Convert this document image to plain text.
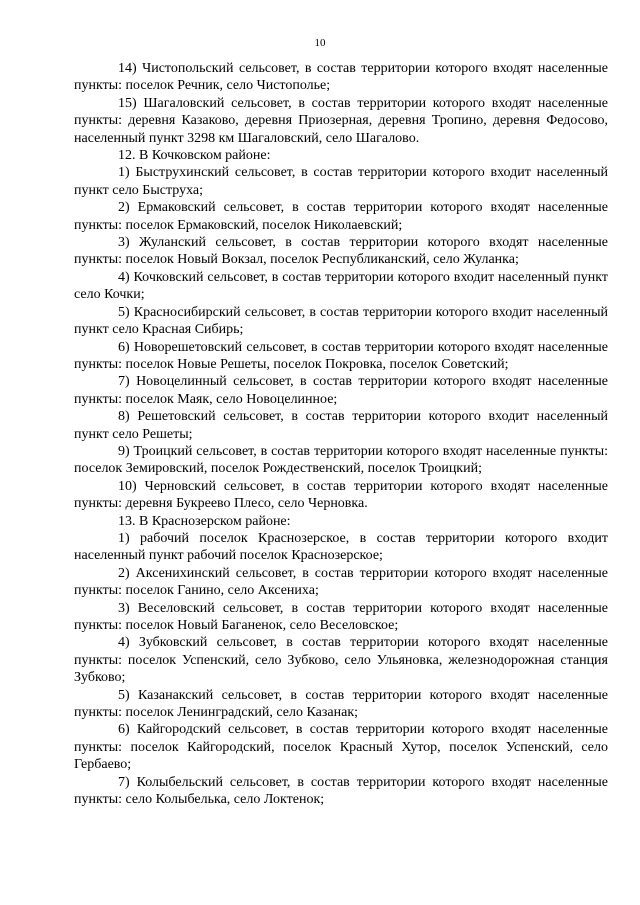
10

14) Чистопольский сельсовет, в состав территории которого входят населенные пункты: поселок Речник, село Чистополье;

15) Шагаловский сельсовет, в состав территории которого входят населенные пункты: деревня Казаково, деревня Приозерная, деревня Тропино, деревня Федосово, населенный пункт 3298 км Шагаловский, село Шагалово.

12. В Кочковском районе:

1) Быструхинский сельсовет, в состав территории которого входит населенный пункт село Быструха;

2) Ермаковский сельсовет, в состав территории которого входят населенные пункты: поселок Ермаковский, поселок Николаевский;

3) Жуланский сельсовет, в состав территории которого входят населенные пункты: поселок Новый Вокзал, поселок Республиканский, село Жуланка;

4) Кочковский сельсовет, в состав территории которого входит населенный пункт село Кочки;

5) Красносибирский сельсовет, в состав территории которого входит населенный пункт село Красная Сибирь;

6) Новорешетовский сельсовет, в состав территории которого входят населенные пункты: поселок Новые Решеты, поселок Покровка, поселок Советский;

7) Новоцелинный сельсовет, в состав территории которого входят населенные пункты: поселок Маяк, село Новоцелинное;

8) Решетовский сельсовет, в состав территории которого входит населенный пункт село Решеты;

9) Троицкий сельсовет, в состав территории которого входят населенные пункты: поселок Земировский, поселок Рождественский, поселок Троицкий;

10) Черновский сельсовет, в состав территории которого входят населенные пункты: деревня Букреево Плесо, село Черновка.

13. В Краснозерском районе:

1) рабочий поселок Краснозерское, в состав территории которого входит населенный пункт рабочий поселок Краснозерское;

2) Аксенихинский сельсовет, в состав территории которого входят населенные пункты: поселок Ганино, село Аксениха;

3) Веселовский сельсовет, в состав территории которого входят населенные пункты: поселок Новый Баганенок, село Веселовское;

4) Зубковский сельсовет, в состав территории которого входят населенные пункты: поселок Успенский, село Зубково, село Ульяновка, железнодорожная станция Зубково;

5) Казанакский сельсовет, в состав территории которого входят населенные пункты: поселок Ленинградский, село Казанак;

6) Кайгородский сельсовет, в состав территории которого входят населенные пункты: поселок Кайгородский, поселок Красный Хутор, поселок Успенский, село Гербаево;

7) Колыбельский сельсовет, в состав территории которого входят населенные пункты: село Колыбелька, село Локтенок;
